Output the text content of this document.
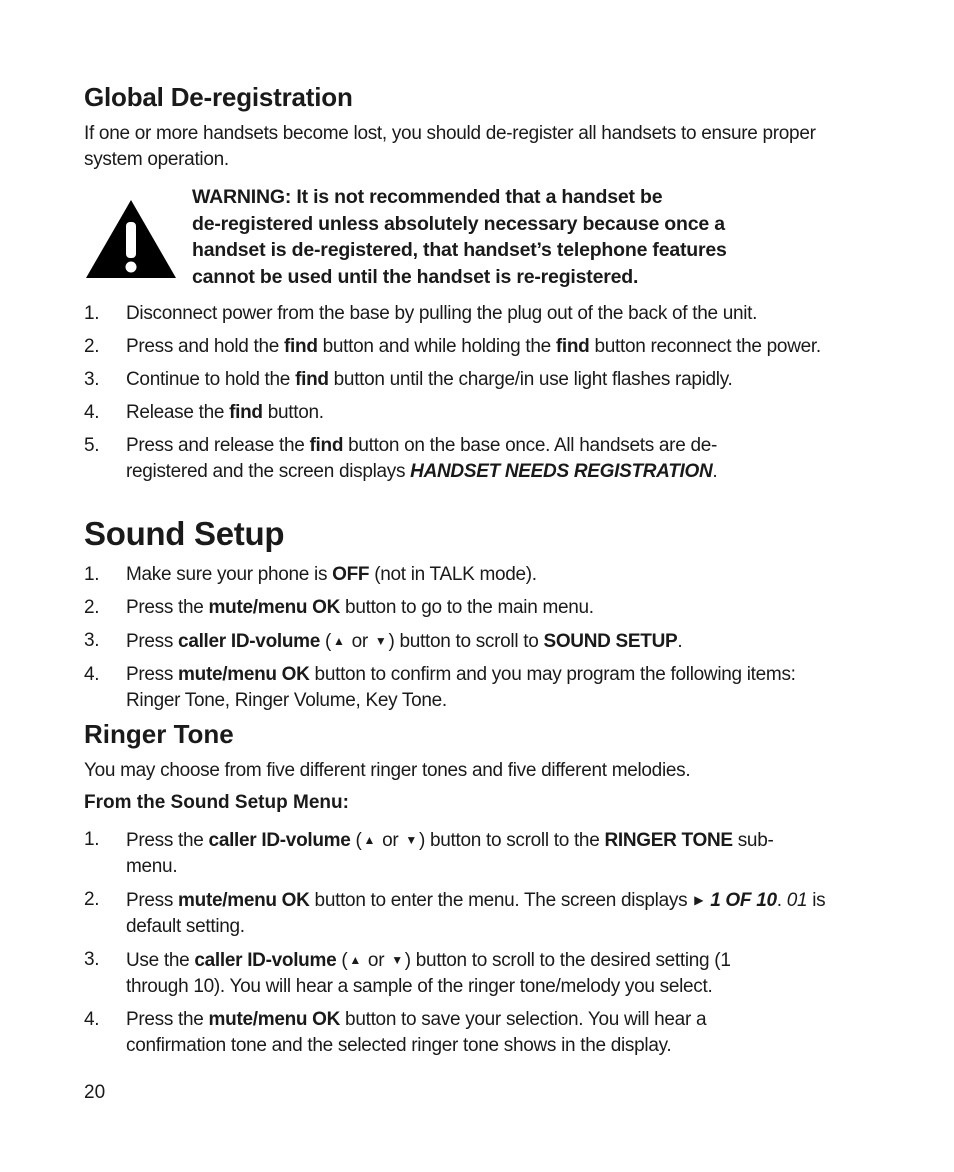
Global De-registration

If one or more handsets become lost, you should de-register all handsets to ensure proper system operation.

WARNING: It is not recommended that a handset be
de-registered unless absolutely necessary because once a
handset is de-registered, that handset’s telephone features
cannot be used until the handset is re-registered.
1.	Disconnect power from the base by pulling the plug out of the back of the unit.
2.	Press and hold the find button and while holding the find button reconnect the power.
3.	Continue to hold the find button until the charge/in use light flashes rapidly.
4.	Release the find button.
5.	Press and release the find button on the base once. All handsets are de-registered and the screen displays HANDSET NEEDS REGISTRATION.
Sound Setup
1.	Make sure your phone is OFF (not in TALK mode).
2.	Press the mute/menu OK button to go to the main menu.
3.	Press caller ID-volume ( ▲ or ▼ ) button to scroll to SOUND SETUP.
4.	Press mute/menu OK button to confirm and you may program the following items: Ringer Tone, Ringer Volume, Key Tone.
Ringer Tone

You may choose from five different ringer tones and five different melodies.

From the Sound Setup Menu:

1.	Press the caller ID-volume ( ▲ or ▼ ) button to scroll to the RINGER TONE sub-menu.
2.	Press mute/menu OK button to enter the menu. The screen displays ▶ 1 OF 10. 01 is default setting.
3.	Use the caller ID-volume ( ▲ or ▼ ) button to scroll to the desired setting (1 through 10). You will hear a sample of the ringer tone/melody you select.
4.	Press the mute/menu OK button to save your selection. You will hear a confirmation tone and the selected ringer tone shows in the display.
20
